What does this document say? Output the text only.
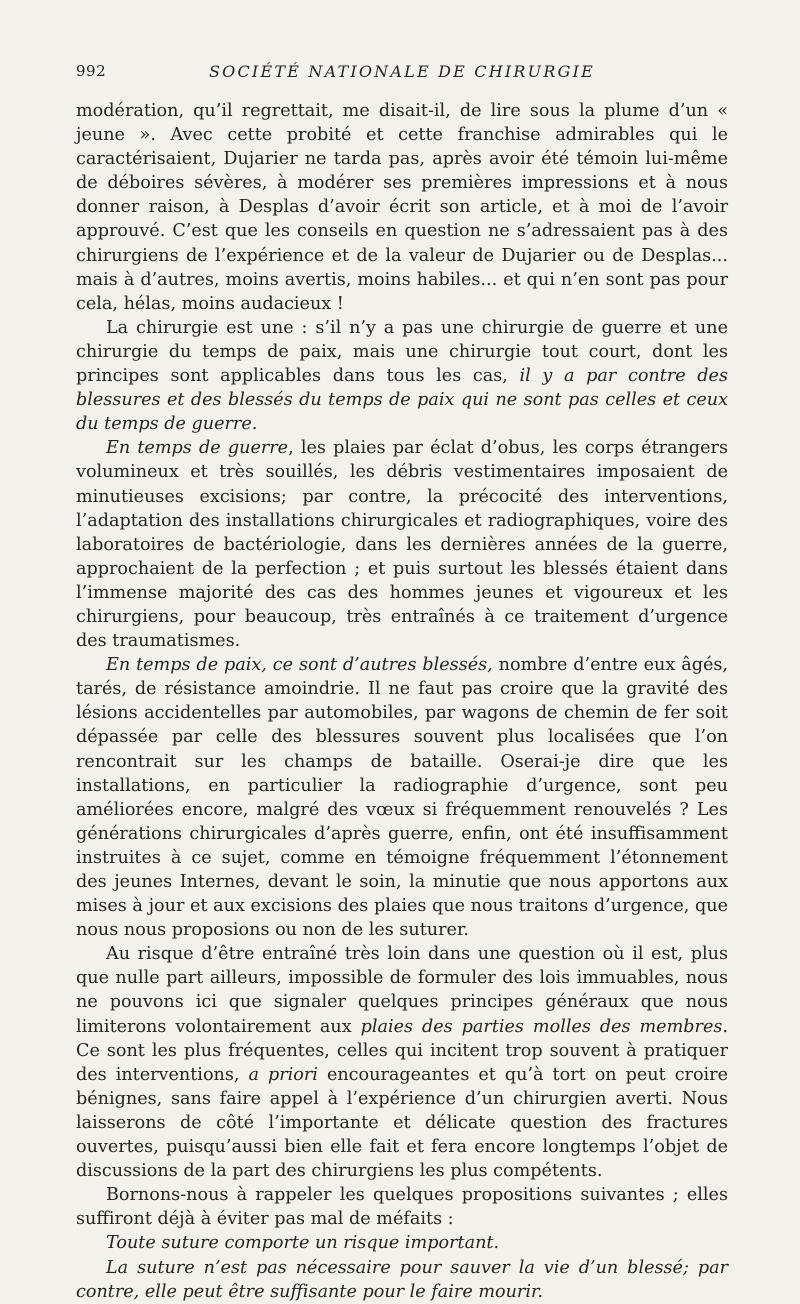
992	SOCIÉTÉ NATIONALE DE CHIRURGIE

modération, qu’il regrettait, me disait-il, de lire sous la plume d’un « jeune ». Avec cette probité et cette franchise admirables qui le caractérisaient, Dujarier ne tarda pas, après avoir été témoin lui-même de déboires sévères, à modérer ses premières impressions et à nous donner raison, à Desplas d’avoir écrit son article, et à moi de l’avoir approuvé. C’est que les conseils en question ne s’adressaient pas à des chirurgiens de l’expérience et de la valeur de Dujarier ou de Desplas... mais à d’autres, moins avertis, moins habiles... et qui n’en sont pas pour cela, hélas, moins audacieux !

La chirurgie est une : s’il n’y a pas une chirurgie de guerre et une chirurgie du temps de paix, mais une chirurgie tout court, dont les principes sont applicables dans tous les cas, il y a par contre des blessures et des blessés du temps de paix qui ne sont pas celles et ceux du temps de guerre.

En temps de guerre, les plaies par éclat d’obus, les corps étrangers volumineux et très souillés, les débris vestimentaires imposaient de minutieuses excisions; par contre, la précocité des interventions, l’adaptation des installations chirurgicales et radiographiques, voire des laboratoires de bactériologie, dans les dernières années de la guerre, approchaient de la perfection ; et puis surtout les blessés étaient dans l’immense majorité des cas des hommes jeunes et vigoureux et les chirurgiens, pour beaucoup, très entraînés à ce traitement d’urgence des traumatismes.

En temps de paix, ce sont d’autres blessés, nombre d’entre eux âgés, tarés, de résistance amoindrie. Il ne faut pas croire que la gravité des lésions accidentelles par automobiles, par wagons de chemin de fer soit dépassée par celle des blessures souvent plus localisées que l’on rencontrait sur les champs de bataille. Oserai-je dire que les installations, en particulier la radiographie d’urgence, sont peu améliorées encore, malgré des vœux si fréquemment renouvelés ? Les générations chirurgicales d’après guerre, enfin, ont été insuffisamment instruites à ce sujet, comme en témoigne fréquemment l’étonnement des jeunes Internes, devant le soin, la minutie que nous apportons aux mises à jour et aux excisions des plaies que nous traitons d’urgence, que nous nous proposions ou non de les suturer.

Au risque d’être entraîné très loin dans une question où il est, plus que nulle part ailleurs, impossible de formuler des lois immuables, nous ne pouvons ici que signaler quelques principes généraux que nous limiterons volontairement aux plaies des parties molles des membres. Ce sont les plus fréquentes, celles qui incitent trop souvent à pratiquer des interventions, a priori encourageantes et qu’à tort on peut croire bénignes, sans faire appel à l’expérience d’un chirurgien averti. Nous laisserons de côté l’importante et délicate question des fractures ouvertes, puisqu’aussi bien elle fait et fera encore longtemps l’objet de discussions de la part des chirurgiens les plus compétents.

Bornons-nous à rappeler les quelques propositions suivantes ; elles suffiront déjà à éviter pas mal de méfaits :

Toute suture comporte un risque important.

La suture n’est pas nécessaire pour sauver la vie d’un blessé; par contre, elle peut être suffisante pour le faire mourir.
